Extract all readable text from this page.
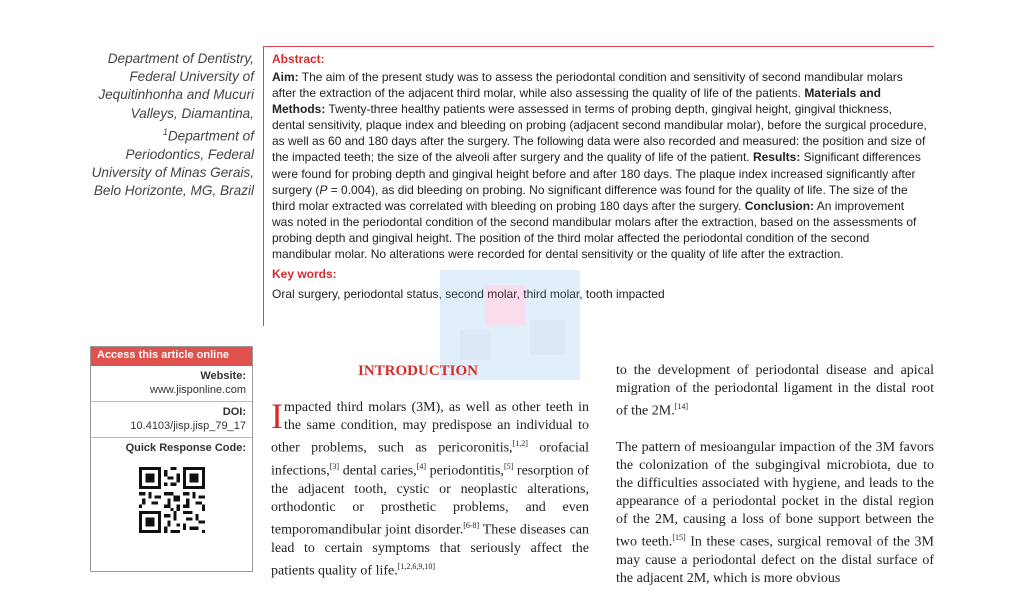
Department of Dentistry, Federal University of Jequitinhonha and Mucuri Valleys, Diamantina, $^1$Department of Periodontics, Federal University of Minas Gerais, Belo Horizonte, MG, Brazil
Abstract:
Aim: The aim of the present study was to assess the periodontal condition and sensitivity of second mandibular molars after the extraction of the adjacent third molar, while also assessing the quality of life of the patients. Materials and Methods: Twenty-three healthy patients were assessed in terms of probing depth, gingival height, gingival thickness, dental sensitivity, plaque index and bleeding on probing (adjacent second mandibular molar), before the surgical procedure, as well as 60 and 180 days after the surgery. The following data were also recorded and measured: the position and size of the impacted teeth; the size of the alveoli after surgery and the quality of life of the patient. Results: Significant differences were found for probing depth and gingival height before and after 180 days. The plaque index increased significantly after surgery (P = 0.004), as did bleeding on probing. No significant difference was found for the quality of life. The size of the third molar extracted was correlated with bleeding on probing 180 days after the surgery. Conclusion: An improvement was noted in the periodontal condition of the second mandibular molars after the extraction, based on the assessments of probing depth and gingival height. The position of the third molar affected the periodontal condition of the second mandibular molar. No alterations were recorded for dental sensitivity or the quality of life after the extraction.
Key words:
Oral surgery, periodontal status, second molar, third molar, tooth impacted
Access this article online
Website:
www.jisponline.com
DOI:
10.4103/jisp.jisp_79_17
Quick Response Code:
INTRODUCTION
Impacted third molars (3M), as well as other teeth in the same condition, may predispose an individual to other problems, such as pericoronitis,[1,2] orofacial infections,[3] dental caries,[4] periodontitis,[5] resorption of the adjacent tooth, cystic or neoplastic alterations, orthodontic or prosthetic problems, and even temporomandibular joint disorder.[6-8] These diseases can lead to certain symptoms that seriously affect the patients quality of life.[1,2,6,9,10]
to the development of periodontal disease and apical migration of the periodontal ligament in the distal root of the 2M.[14]
The pattern of mesioangular impaction of the 3M favors the colonization of the subgingival microbiota, due to the difficulties associated with hygiene, and leads to the appearance of a periodontal pocket in the distal region of the 2M, causing a loss of bone support between the two teeth.[15] In these cases, surgical removal of the 3M may cause a periodontal defect on the distal surface of the adjacent 2M, which is more obvious
